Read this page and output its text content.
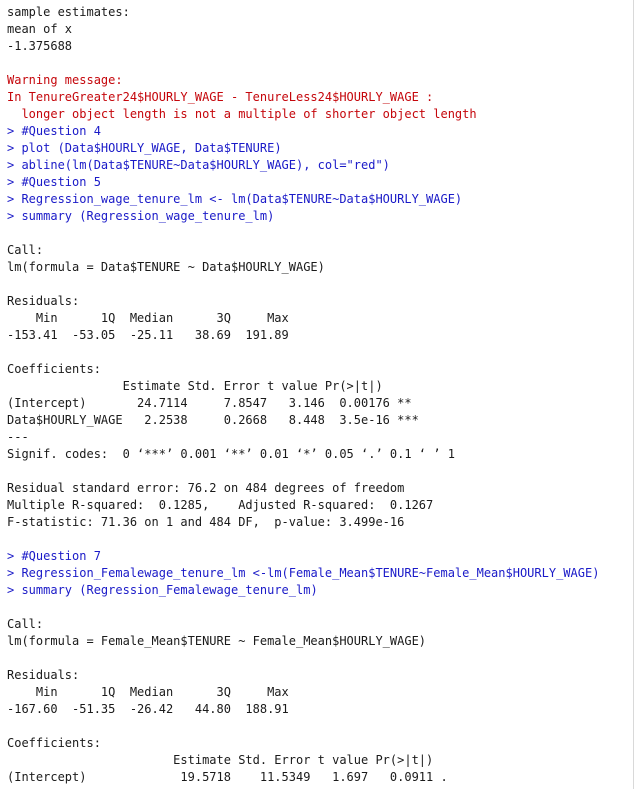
sample estimates:
mean of x
-1.375688
Warning message:
In TenureGreater24$HOURLY_WAGE - TenureLess24$HOURLY_WAGE :
longer object length is not a multiple of shorter object length
> #Question 4
> plot (Data$HOURLY_WAGE, Data$TENURE)
> abline(lm(Data$TENURE~Data$HOURLY_WAGE), col="red")
> #Question 5
> Regression_wage_tenure_lm <- lm(Data$TENURE~Data$HOURLY_WAGE)
> summary (Regression_wage_tenure_lm)
Call:
lm(formula = Data$TENURE ~ Data$HOURLY_WAGE)
Residuals:
Min      1Q  Median      3Q     Max
-153.41  -53.05  -25.11   38.69  191.89
Coefficients:
Estimate Std. Error t value Pr(>|t|)
(Intercept)       24.7114     7.8547   3.146  0.00176 **
Data$HOURLY_WAGE   2.2538     0.2668   8.448  3.5e-16 ***
---
Signif. codes:  0 ‘***’ 0.001 ‘**’ 0.01 ‘*’ 0.05 ‘.’ 0.1 ‘ ’ 1
Residual standard error: 76.2 on 484 degrees of freedom
Multiple R-squared:  0.1285,    Adjusted R-squared:  0.1267
F-statistic: 71.36 on 1 and 484 DF,  p-value: 3.499e-16
> #Question 7
> Regression_Femalewage_tenure_lm <-lm(Female_Mean$TENURE~Female_Mean$HOURLY_WAGE)
> summary (Regression_Femalewage_tenure_lm)
Call:
lm(formula = Female_Mean$TENURE ~ Female_Mean$HOURLY_WAGE)
Residuals:
Min      1Q  Median      3Q     Max
-167.60  -51.35  -26.42   44.80  188.91
Coefficients:
Estimate Std. Error t value Pr(>|t|)
(Intercept)             19.5718    11.5349   1.697   0.0911 .
